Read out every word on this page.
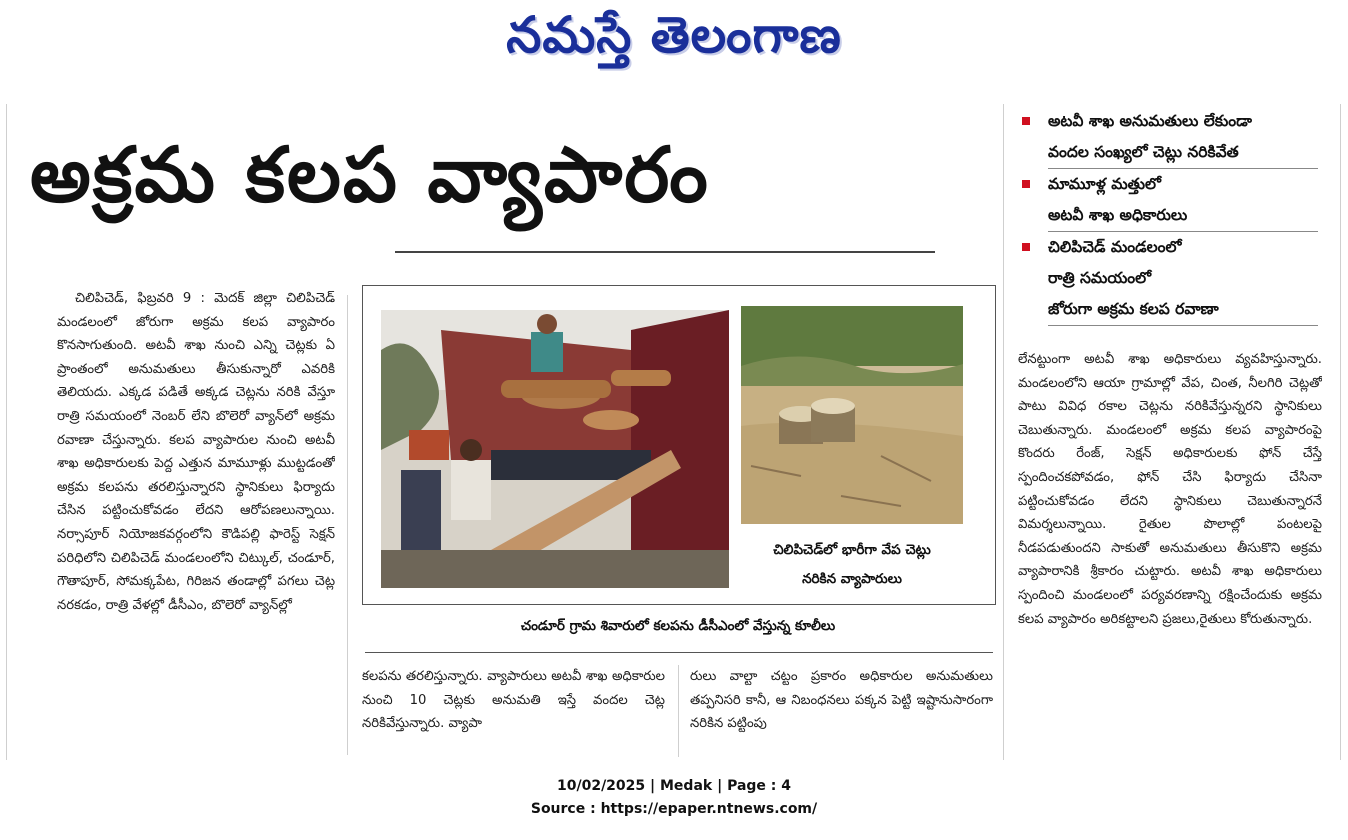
నమస్తే తెలంగాణ
అక్రమ కలప వ్యాపారం
అటవీ శాఖ అనుమతులు లేకుండా
వందల సంఖ్యలో చెట్లు నరికివేత
మామూళ్ల మత్తులో
అటవీ శాఖ అధికారులు
చిలిపిచెడ్ మండలంలో
రాత్రి సమయంలో
జోరుగా అక్రమ కలప రవాణా

చిలిపిచెడ్, ఫిబ్రవరి 9 : మెదక్ జిల్లా చిలిపిచెడ్ మండలంలో జోరుగా అక్రమ కలప వ్యాపారం కొనసాగుతుంది. అటవీ శాఖ నుంచి ఎన్ని చెట్లకు ఏ ప్రాంతంలో అనుమతులు తీసుకున్నారో ఎవరికి తెలియదు. ఎక్కడ పడితే అక్కడ చెట్లను నరికి వేస్తూ రాత్రి సమయంలో నెంబర్ లేని బొలెరో వ్యాన్‌లో అక్రమ రవాణా చేస్తున్నారు. కలప వ్యాపారుల నుంచి అటవీ శాఖ అధికారులకు పెద్ద ఎత్తున మామూళ్లు ముట్టడంతో అక్రమ కలపను తరలిస్తున్నారని స్థానికులు ఫిర్యాదు చేసిన పట్టించుకోవడం లేదని ఆరోపణలున్నాయి. నర్సాపూర్ నియోజకవర్గంలోని కౌడిపల్లి ఫారెస్ట్ సెక్షన్ పరిధిలోని చిలిపిచెడ్ మండలంలోని చిట్కుల్, చండూర్, గౌతాపూర్, సోమక్కపేట, గిరిజన తండాల్లో పగలు చెట్ల నరకడం, రాత్రి వేళల్లో డీసీఎం, బొలెరో వ్యాన్‌ల్లో

చిలిపిచెడ్‌లో భారీగా వేప చెట్లు
నరికిన వ్యాపారులు
చండూర్ గ్రామ శివారులో కలపను డీసీఎంలో వేస్తున్న కూలీలు
కలపను తరలిస్తున్నారు. వ్యాపారులు అటవీ శాఖ అధికారుల నుంచి 10 చెట్లకు అనుమతి ఇస్తే వందల చెట్ల నరికివేస్తున్నారు. వ్యాపా
రులు వాల్టా చట్టం ప్రకారం అధికారుల అనుమతులు తప్పనిసరి కానీ, ఆ నిబంధనలు పక్కన పెట్టి ఇష్టానుసారంగా నరికిన పట్టింపు
లేనట్టుంగా అటవీ శాఖ అధికారులు వ్యవహిస్తున్నారు. మండలంలోని ఆయా గ్రామాల్లో వేప, చింత, నీలగిరి చెట్లతో పాటు వివిధ రకాల చెట్లను నరికివేస్తున్నరని స్థానికులు చెబుతున్నారు. మండలంలో అక్రమ కలప వ్యాపారంపై కొందరు రేంజ్, సెక్షన్ అధికారులకు ఫోన్ చేస్తే స్పందించకపోవడం, ఫోన్ చేసి ఫిర్యాదు చేసినా పట్టించుకోవడం లేదని స్థానికులు చెబుతున్నారనే విమర్శలున్నాయి. రైతుల పొలాల్లో పంటలపై నీడపడుతుందని సాకుతో అనుమతులు తీసుకొని అక్రమ వ్యాపారానికి శ్రీకారం చుట్టారు. అటవీ శాఖ అధికారులు స్పందించి మండలంలో పర్యవరణాన్ని రక్షించేందుకు అక్రమ కలప వ్యాపారం అరికట్టాలని ప్రజలు,రైతులు కోరుతున్నారు.
10/02/2025 | Medak | Page : 4
Source : https://epaper.ntnews.com/
